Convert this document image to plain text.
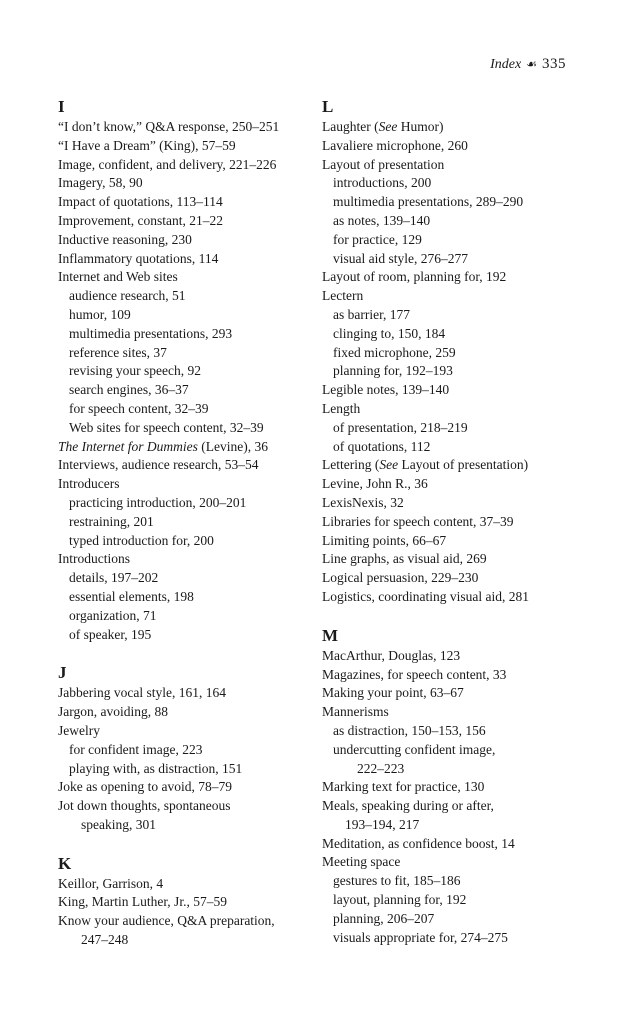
Index ☙ 335
I
“I don’t know,” Q&A response, 250–251
“I Have a Dream” (King), 57–59
Image, confident, and delivery, 221–226
Imagery, 58, 90
Impact of quotations, 113–114
Improvement, constant, 21–22
Inductive reasoning, 230
Inflammatory quotations, 114
Internet and Web sites
audience research, 51
humor, 109
multimedia presentations, 293
reference sites, 37
revising your speech, 92
search engines, 36–37
for speech content, 32–39
Web sites for speech content, 32–39
The Internet for Dummies (Levine), 36
Interviews, audience research, 53–54
Introducers
practicing introduction, 200–201
restraining, 201
typed introduction for, 200
Introductions
details, 197–202
essential elements, 198
organization, 71
of speaker, 195
J
Jabbering vocal style, 161, 164
Jargon, avoiding, 88
Jewelry
for confident image, 223
playing with, as distraction, 151
Joke as opening to avoid, 78–79
Jot down thoughts, spontaneous
speaking, 301
K
Keillor, Garrison, 4
King, Martin Luther, Jr., 57–59
Know your audience, Q&A preparation,
247–248
L
Laughter (See Humor)
Lavaliere microphone, 260
Layout of presentation
introductions, 200
multimedia presentations, 289–290
as notes, 139–140
for practice, 129
visual aid style, 276–277
Layout of room, planning for, 192
Lectern
as barrier, 177
clinging to, 150, 184
fixed microphone, 259
planning for, 192–193
Legible notes, 139–140
Length
of presentation, 218–219
of quotations, 112
Lettering (See Layout of presentation)
Levine, John R., 36
LexisNexis, 32
Libraries for speech content, 37–39
Limiting points, 66–67
Line graphs, as visual aid, 269
Logical persuasion, 229–230
Logistics, coordinating visual aid, 281
M
MacArthur, Douglas, 123
Magazines, for speech content, 33
Making your point, 63–67
Mannerisms
as distraction, 150–153, 156
undercutting confident image,
222–223
Marking text for practice, 130
Meals, speaking during or after,
193–194, 217
Meditation, as confidence boost, 14
Meeting space
gestures to fit, 185–186
layout, planning for, 192
planning, 206–207
visuals appropriate for, 274–275
